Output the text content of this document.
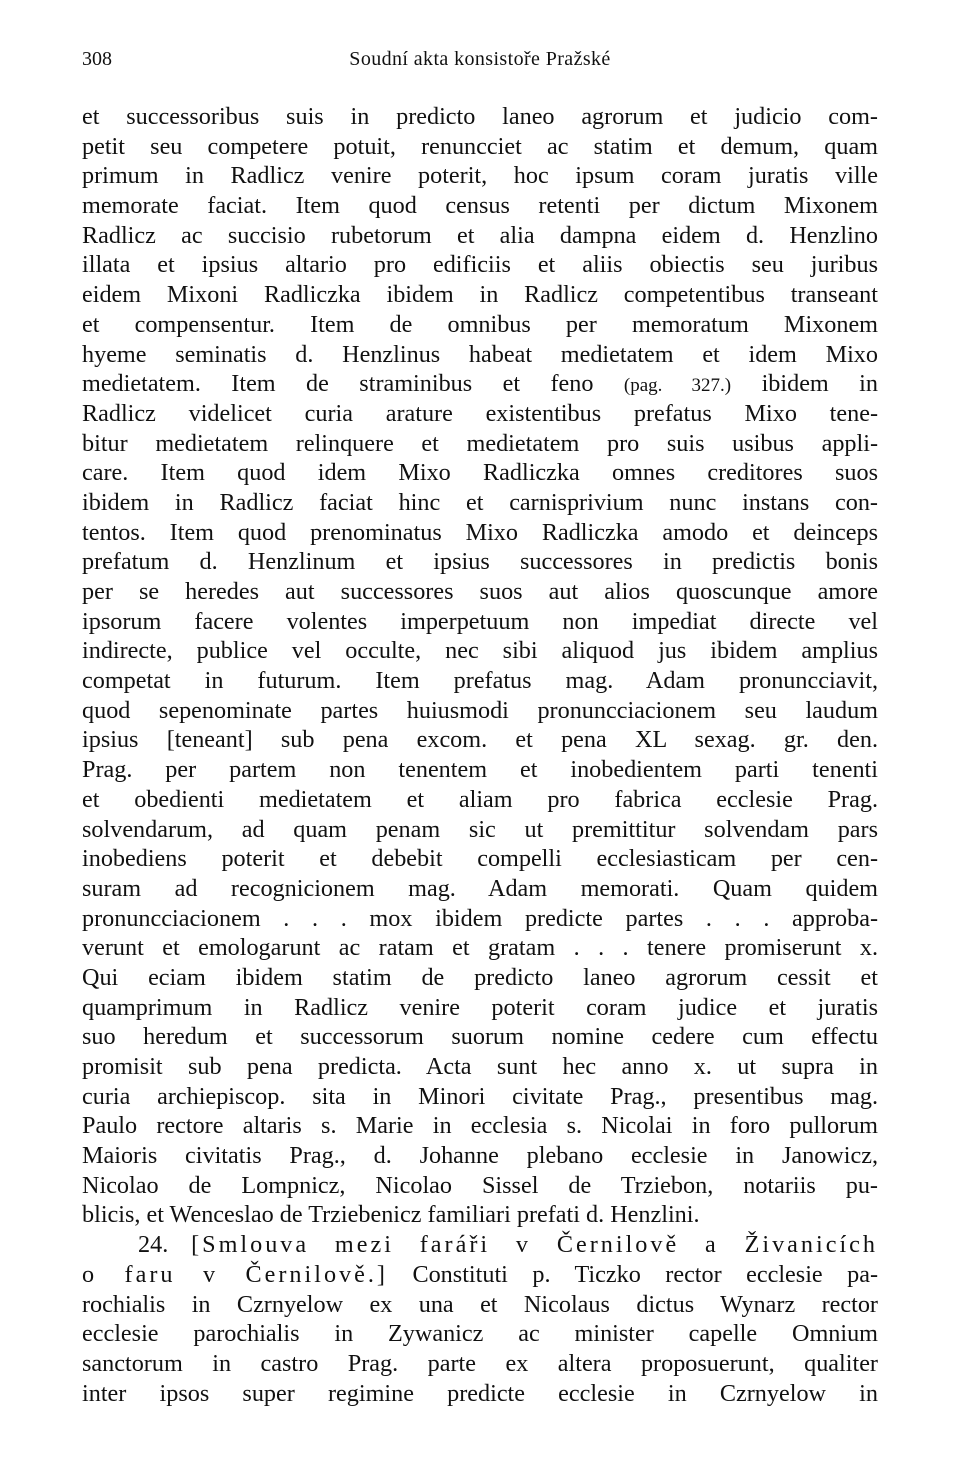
308	Soudní akta konsistoře Pražské
et successoribus suis in predicto laneo agrorum et judicio com-
petit seu competere potuit, renuncciet ac statim et demum, quam
primum in Radlicz venire poterit, hoc ipsum coram juratis ville
memorate faciat. Item quod census retenti per dictum Mixonem
Radlicz ac succisio rubetorum et alia dampna eidem d. Henzlino
illata et ipsius altario pro edificiis et aliis obiectis seu juribus
eidem Mixoni Radliczka ibidem in Radlicz competentibus transeant
et compensentur. Item de omnibus per memoratum Mixonem
hyeme seminatis d. Henzlinus habeat medietatem et idem Mixo
medietatem. Item de straminibus et feno (pag. 327.) ibidem in
Radlicz videlicet curia arature existentibus prefatus Mixo tene-
bitur medietatem relinquere et medietatem pro suis usibus appli-
care. Item quod idem Mixo Radliczka omnes creditores suos
ibidem in Radlicz faciat hinc et carnisprivium nunc instans con-
tentos. Item quod prenominatus Mixo Radliczka amodo et deinceps
prefatum d. Henzlinum et ipsius successores in predictis bonis
per se heredes aut successores suos aut alios quoscunque amore
ipsorum facere volentes imperpetuum non impediat directe vel
indirecte, publice vel occulte, nec sibi aliquod jus ibidem amplius
competat in futurum. Item prefatus mag. Adam pronuncciavit,
quod sepenominate partes huiusmodi pronuncciacionem seu laudum
ipsius [teneant] sub pena excom. et pena XL sexag. gr. den.
Prag. per partem non tenentem et inobedientem parti tenenti
et obedienti medietatem et aliam pro fabrica ecclesie Prag.
solvendarum, ad quam penam sic ut premittitur solvendam pars
inobediens poterit et debebit compelli ecclesiasticam per cen-
suram ad recognicionem mag. Adam memorati. Quam quidem
pronuncciacionem . . . mox ibidem predicte partes . . . approba-
verunt et emologarunt ac ratam et gratam . . . tenere promiserunt x.
Qui eciam ibidem statim de predicto laneo agrorum cessit et
quamprimum in Radlicz venire poterit coram judice et juratis
suo heredum et successorum suorum nomine cedere cum effectu
promisit sub pena predicta. Acta sunt hec anno x. ut supra in
curia archiepiscop. sita in Minori civitate Prag., presentibus mag.
Paulo rectore altaris s. Marie in ecclesia s. Nicolai in foro pullorum
Maioris civitatis Prag., d. Johanne plebano ecclesie in Janowicz,
Nicolao de Lompnicz, Nicolao Sissel de Trziebon, notariis pu-
blicis, et Wenceslao de Trziebenicz familiari prefati d. Henzlini.
24. [Smlouva mezi faráři v Černilově a Živanicích
o faru v Černilově.] Constituti p. Ticzko rector ecclesie pa-
rochialis in Czrnyelow ex una et Nicolaus dictus Wynarz rector
ecclesie parochialis in Zywanicz ac minister capelle Omnium
sanctorum in castro Prag. parte ex altera proposuerunt, qualiter
inter ipsos super regimine predicte ecclesie in Czrnyelow in
